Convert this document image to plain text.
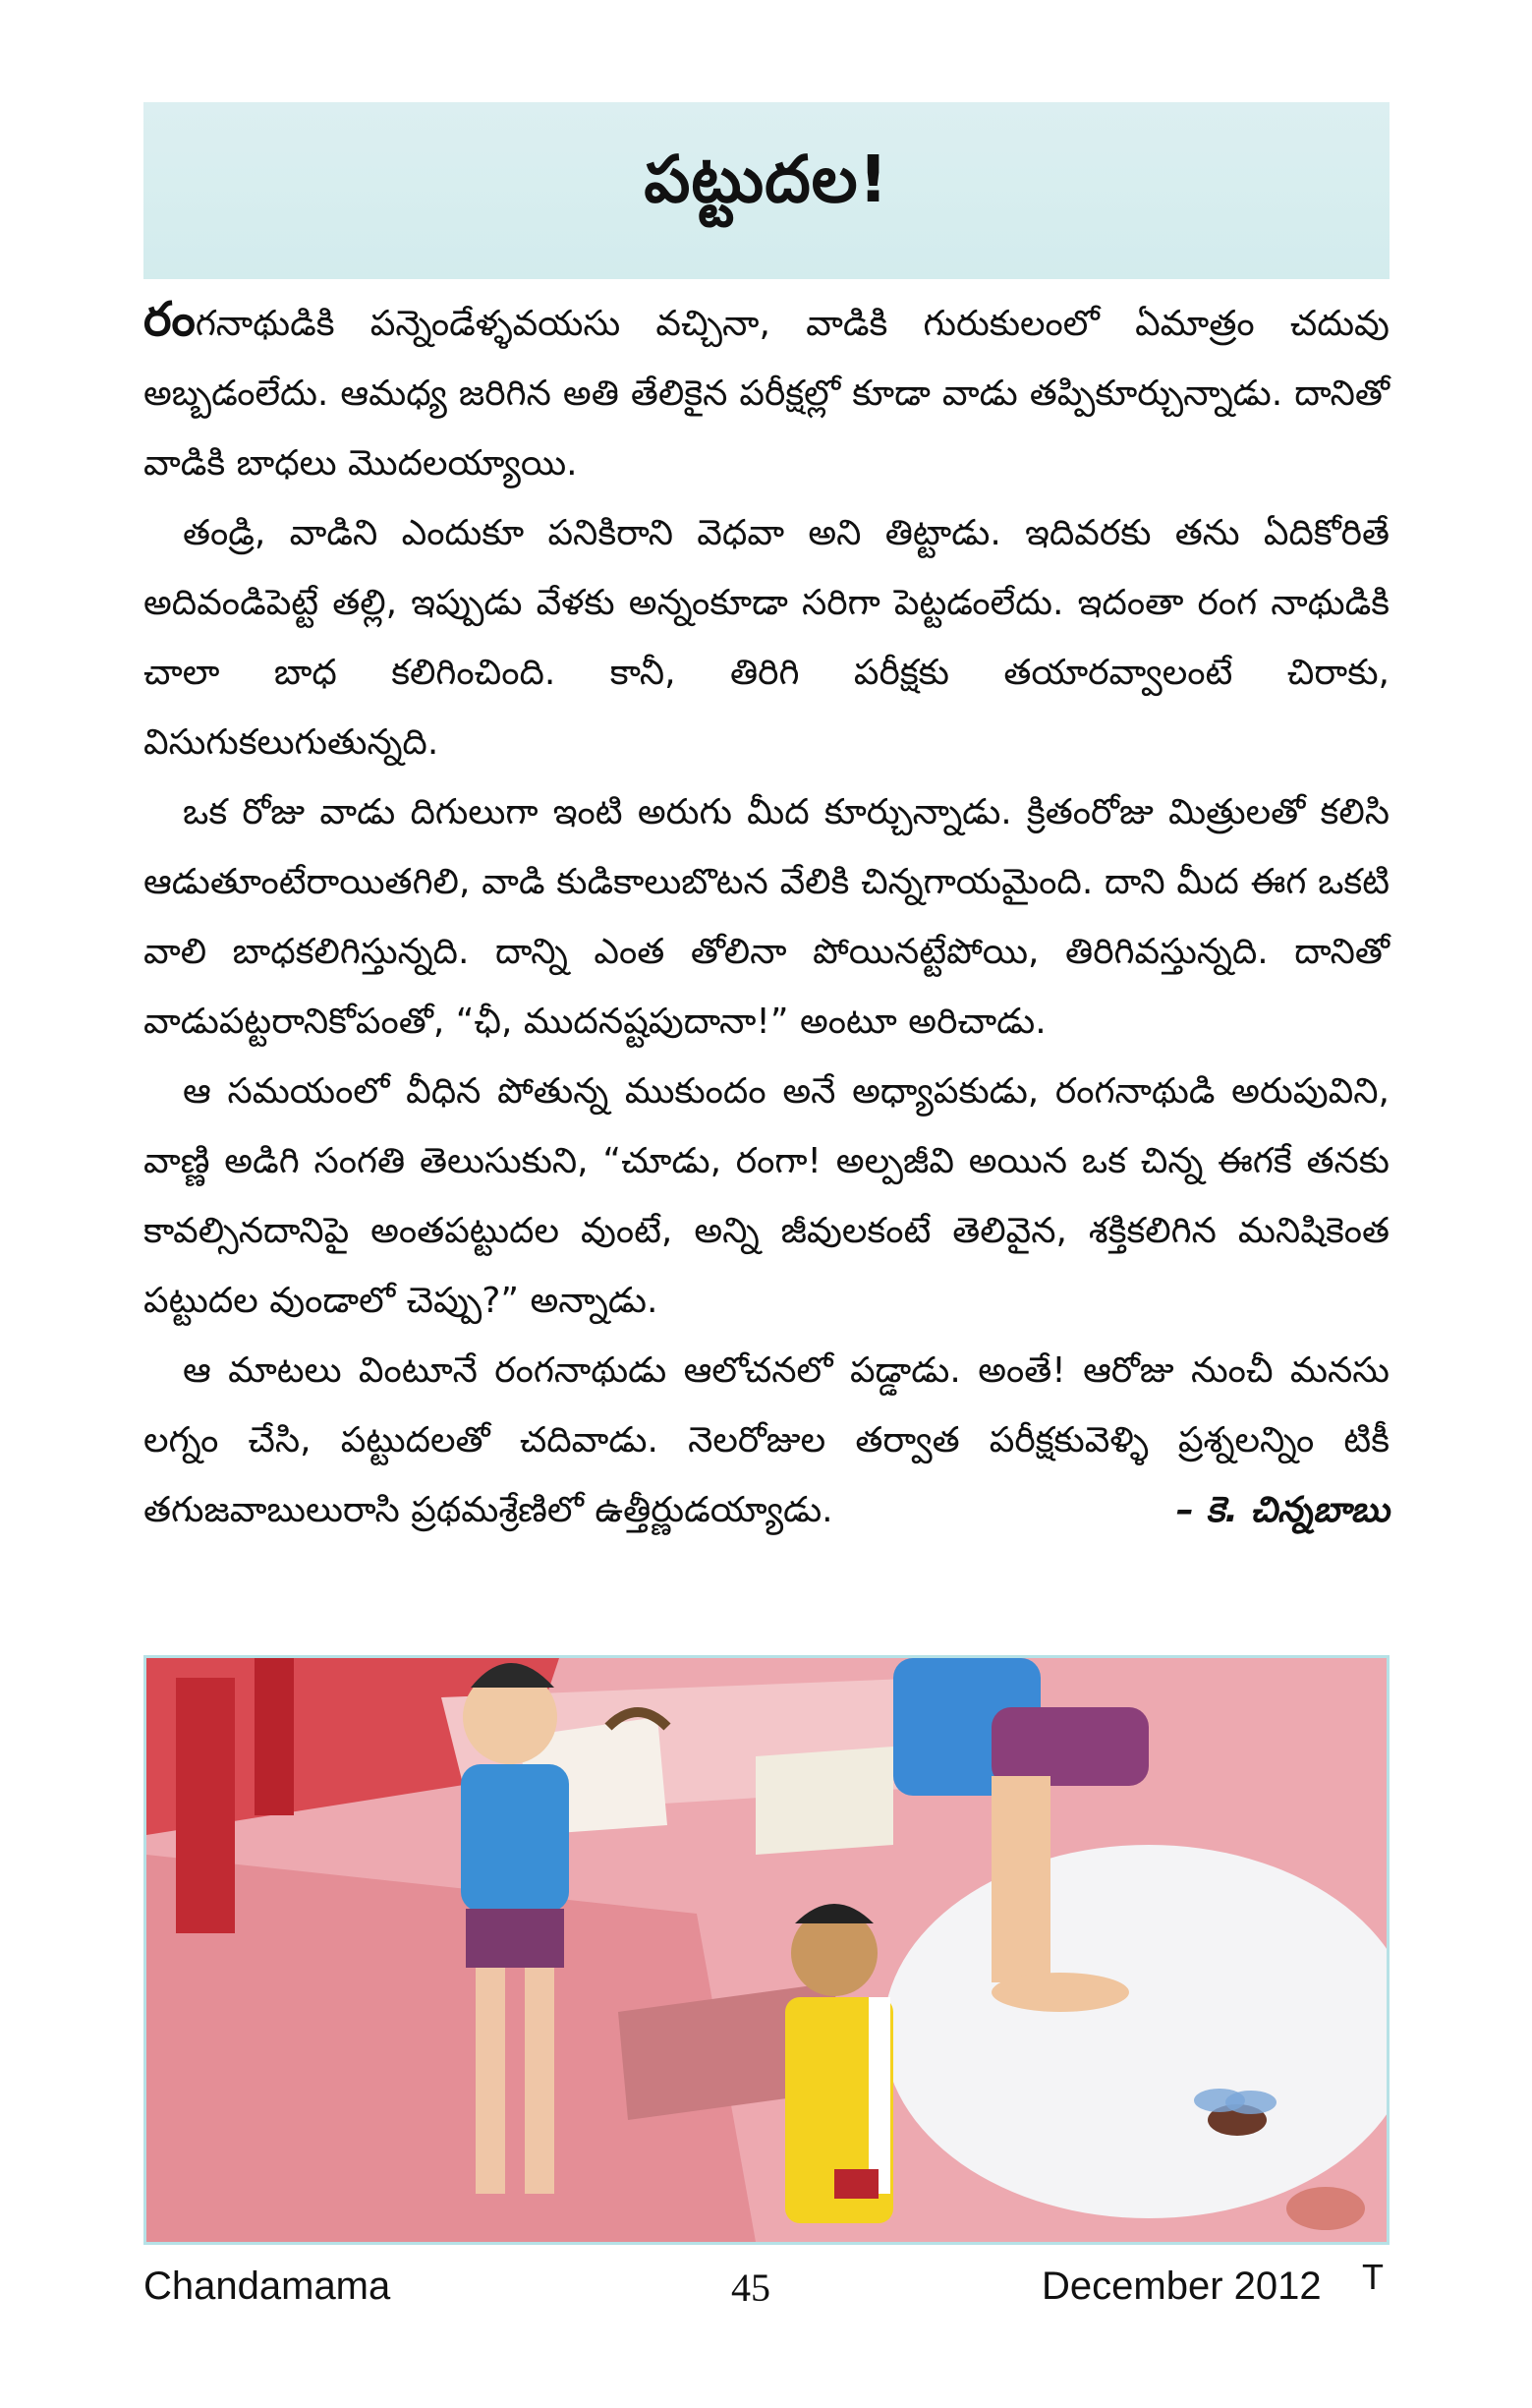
పట్టుదల!

రంగనాథుడికి పన్నెండేళ్ళవయసు వచ్చినా, వాడికి గురుకులంలో ఏమాత్రం చదువు అబ్బడంలేదు. ఆమధ్య జరిగిన అతి తేలికైన పరీక్షల్లో కూడా వాడు తప్పికూర్చున్నాడు. దానితో వాడికి బాధలు మొదలయ్యాయి.

తండ్రి, వాడిని ఎందుకూ పనికిరాని వెధవా అని తిట్టాడు. ఇదివరకు తను ఏదికోరితే అదివండిపెట్టే తల్లి, ఇప్పుడు వేళకు అన్నంకూడా సరిగా పెట్టడంలేదు. ఇదంతా రంగ నాథుడికి చాలా బాధ కలిగించింది. కానీ, తిరిగి పరీక్షకు తయారవ్వాలంటే చిరాకు, విసుగుకలుగుతున్నది.

ఒక రోజు వాడు దిగులుగా ఇంటి అరుగు మీద కూర్చున్నాడు. క్రితంరోజు మిత్రులతో కలిసి ఆడుతూంటేరాయితగిలి, వాడి కుడికాలుబొటన వేలికి చిన్నగాయమైంది. దాని మీద ఈగ ఒకటి వాలి బాధకలిగిస్తున్నది. దాన్ని ఎంత తోలినా పోయినట్టేపోయి, తిరిగివస్తున్నది. దానితో వాడుపట్టరానికోపంతో, “ఛీ, ముదనష్టపుదానా!” అంటూ అరిచాడు.

ఆ సమయంలో వీధిన పోతున్న ముకుందం అనే అధ్యాపకుడు, రంగనాథుడి అరుపువిని, వాణ్ణి అడిగి సంగతి తెలుసుకుని, “చూడు, రంగా! అల్పజీవి అయిన ఒక చిన్న ఈగకే తనకు కావల్సినదానిపై అంతపట్టుదల వుంటే, అన్ని జీవులకంటే తెలివైన, శక్తికలిగిన మనిషికెంత పట్టుదల వుండాలో చెప్పు?” అన్నాడు.

ఆ మాటలు వింటూనే రంగనాథుడు ఆలోచనలో పడ్డాడు. అంతే! ఆరోజు నుంచీ మనసు లగ్నం చేసి, పట్టుదలతో చదివాడు. నెలరోజుల తర్వాత పరీక్షకువెళ్ళి ప్రశ్నలన్నిం టికీ తగుజవాబులురాసి ప్రథమశ్రేణిలో ఉత్తీర్ణుడయ్యాడు.	– కె. చిన్నబాబు

Chandamama	45	December 2012 T
